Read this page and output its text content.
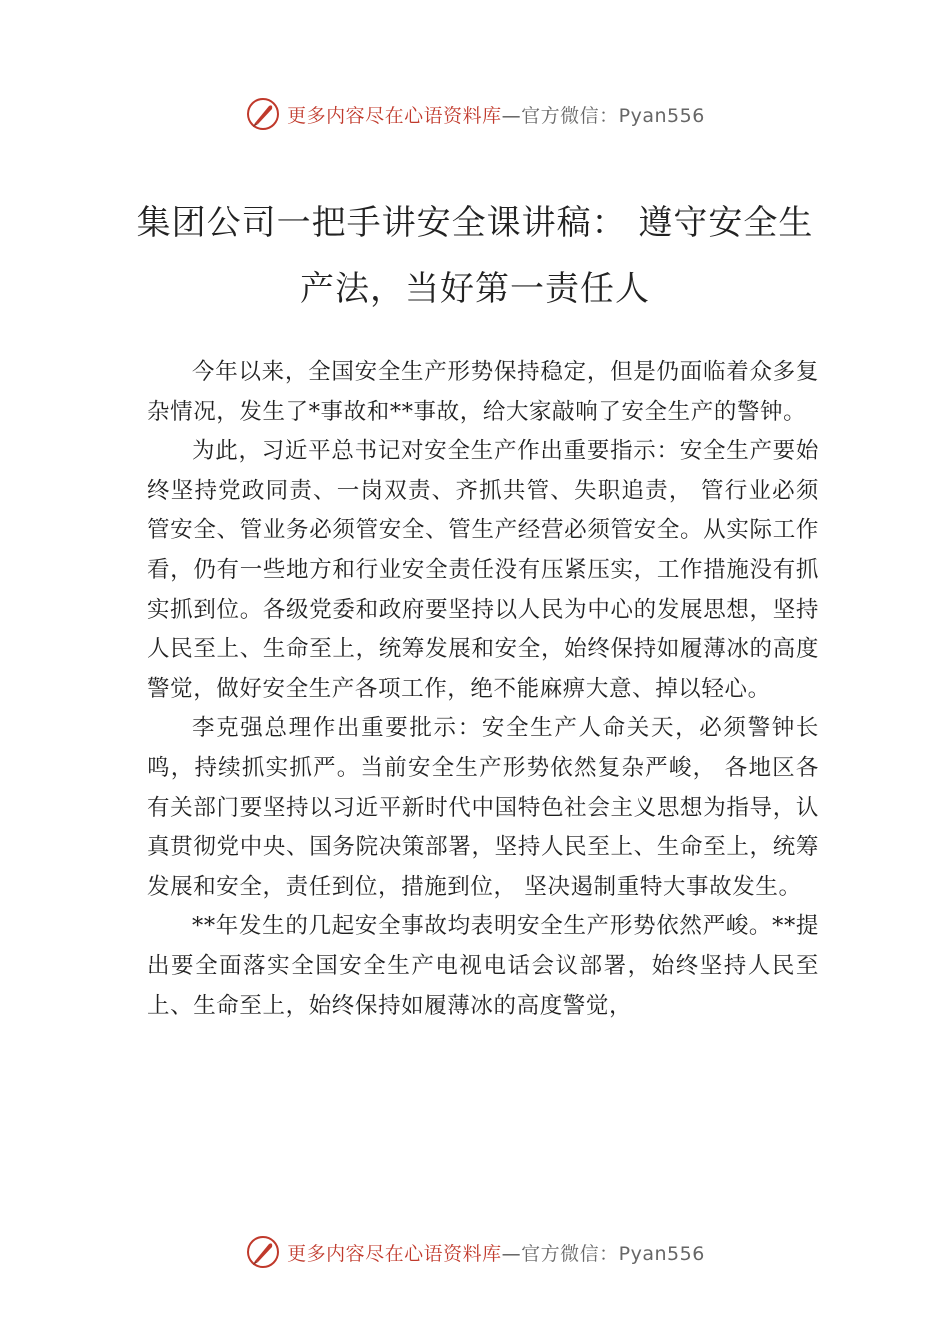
更多内容尽在心语资料库—官方微信：Pyan556
集团公司一把手讲安全课讲稿： 遵守安全生产法，当好第一责任人

今年以来，全国安全生产形势保持稳定，但是仍面临着众多复杂情况，发生了*事故和**事故，给大家敲响了安全生产的警钟。

为此，习近平总书记对安全生产作出重要指示：安全生产要始终坚持党政同责、一岗双责、齐抓共管、失职追责， 管行业必须管安全、管业务必须管安全、管生产经营必须管安全。从实际工作看，仍有一些地方和行业安全责任没有压紧压实，工作措施没有抓实抓到位。各级党委和政府要坚持以人民为中心的发展思想，坚持人民至上、生命至上，统筹发展和安全，始终保持如履薄冰的高度警觉，做好安全生产各项工作，绝不能麻痹大意、掉以轻心。

李克强总理作出重要批示：安全生产人命关天，必须警钟长鸣，持续抓实抓严。当前安全生产形势依然复杂严峻， 各地区各有关部门要坚持以习近平新时代中国特色社会主义思想为指导，认真贯彻党中央、国务院决策部署，坚持人民至上、生命至上，统筹发展和安全，责任到位，措施到位， 坚决遏制重特大事故发生。

**年发生的几起安全事故均表明安全生产形势依然严峻。**提出要全面落实全国安全生产电视电话会议部署，始终坚持人民至上、生命至上，始终保持如履薄冰的高度警觉，

更多内容尽在心语资料库—官方微信：Pyan556
